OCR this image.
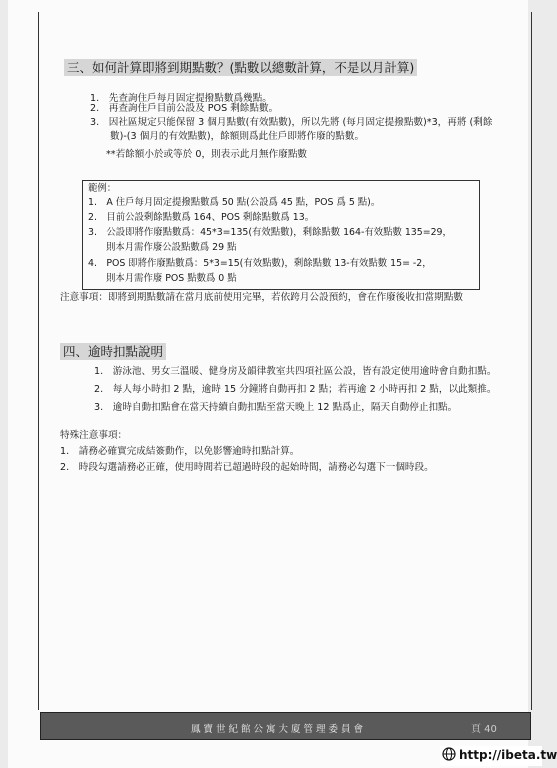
三、如何計算即將到期點數？(點數以總數計算，不是以月計算)
1.　先查詢住戶每月固定提撥點數爲幾點。
2.　再查詢住戶目前公設及 POS 剩餘點數。
3.　因社區規定只能保留 3 個月點數(有效點數)，所以先將 (每月固定提撥點數)*3，再將 (剩餘
數)-(3 個月的有效點數)，餘額則爲此住戶即將作廢的點數。
**若餘額小於或等於 0，則表示此月無作廢點數
範例：
1.　A 住戶每月固定提撥點數爲 50 點(公設爲 45 點，POS 爲 5 點)。
2.　目前公設剩餘點數爲 164、POS 剩餘點數爲 13。
3.　公設即將作廢點數爲：45*3=135(有效點數)，剩餘點數 164-有效點數 135=29，
則本月需作廢公設點數爲 29 點
4.　POS 即將作廢點數爲：5*3=15(有效點數)，剩餘點數 13-有效點數 15= -2，
則本月需作廢 POS 點數爲 0 點
注意事項：即將到期點數請在當月底前使用完畢，若依跨月公設預約，會在作廢後收扣當期點數
四、逾時扣點說明
1.　游泳池、男女三溫暖、健身房及韻律教室共四項社區公設，皆有設定使用逾時會自動扣點。
2.　每人每小時扣 2 點，逾時 15 分鐘將自動再扣 2 點；若再逾 2 小時再扣 2 點，以此類推。
3.　逾時自動扣點會在當天持續自動扣點至當天晚上 12 點爲止，隔天自動停止扣點。
特殊注意事項：
1.　請務必確實完成結簽動作，以免影響逾時扣點計算。
2.　時段勾選請務必正確，使用時間若已超過時段的起始時間，請務必勾選下一個時段。
鳳寶世紀館公寓大廈管理委員會	頁 40
http://ibeta.tw
